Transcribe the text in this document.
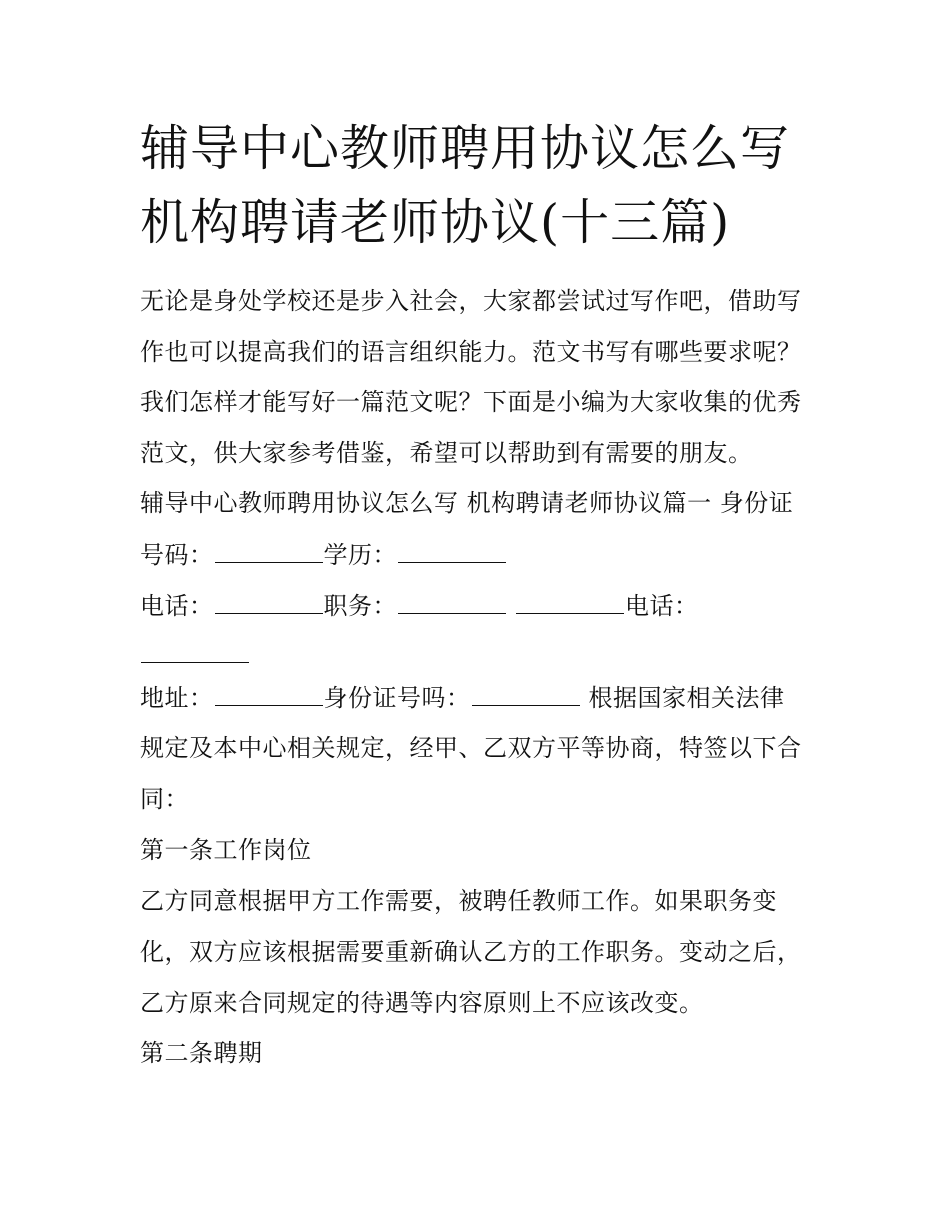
辅导中心教师聘用协议怎么写
机构聘请老师协议(十三篇)

无论是身处学校还是步入社会，大家都尝试过写作吧，借助写

作也可以提高我们的语言组织能力。范文书写有哪些要求呢？

我们怎样才能写好一篇范文呢？下面是小编为大家收集的优秀

范文，供大家参考借鉴，希望可以帮助到有需要的朋友。

辅导中心教师聘用协议怎么写 机构聘请老师协议篇一 身份证

号码：	学历：

电话：	职务：	电话：

地址：	身份证号吗：	根据国家相关法律

规定及本中心相关规定，经甲、乙双方平等协商，特签以下合

同：

第一条工作岗位

乙方同意根据甲方工作需要，被聘任教师工作。如果职务变

化，双方应该根据需要重新确认乙方的工作职务。变动之后，

乙方原来合同规定的待遇等内容原则上不应该改变。

第二条聘期
